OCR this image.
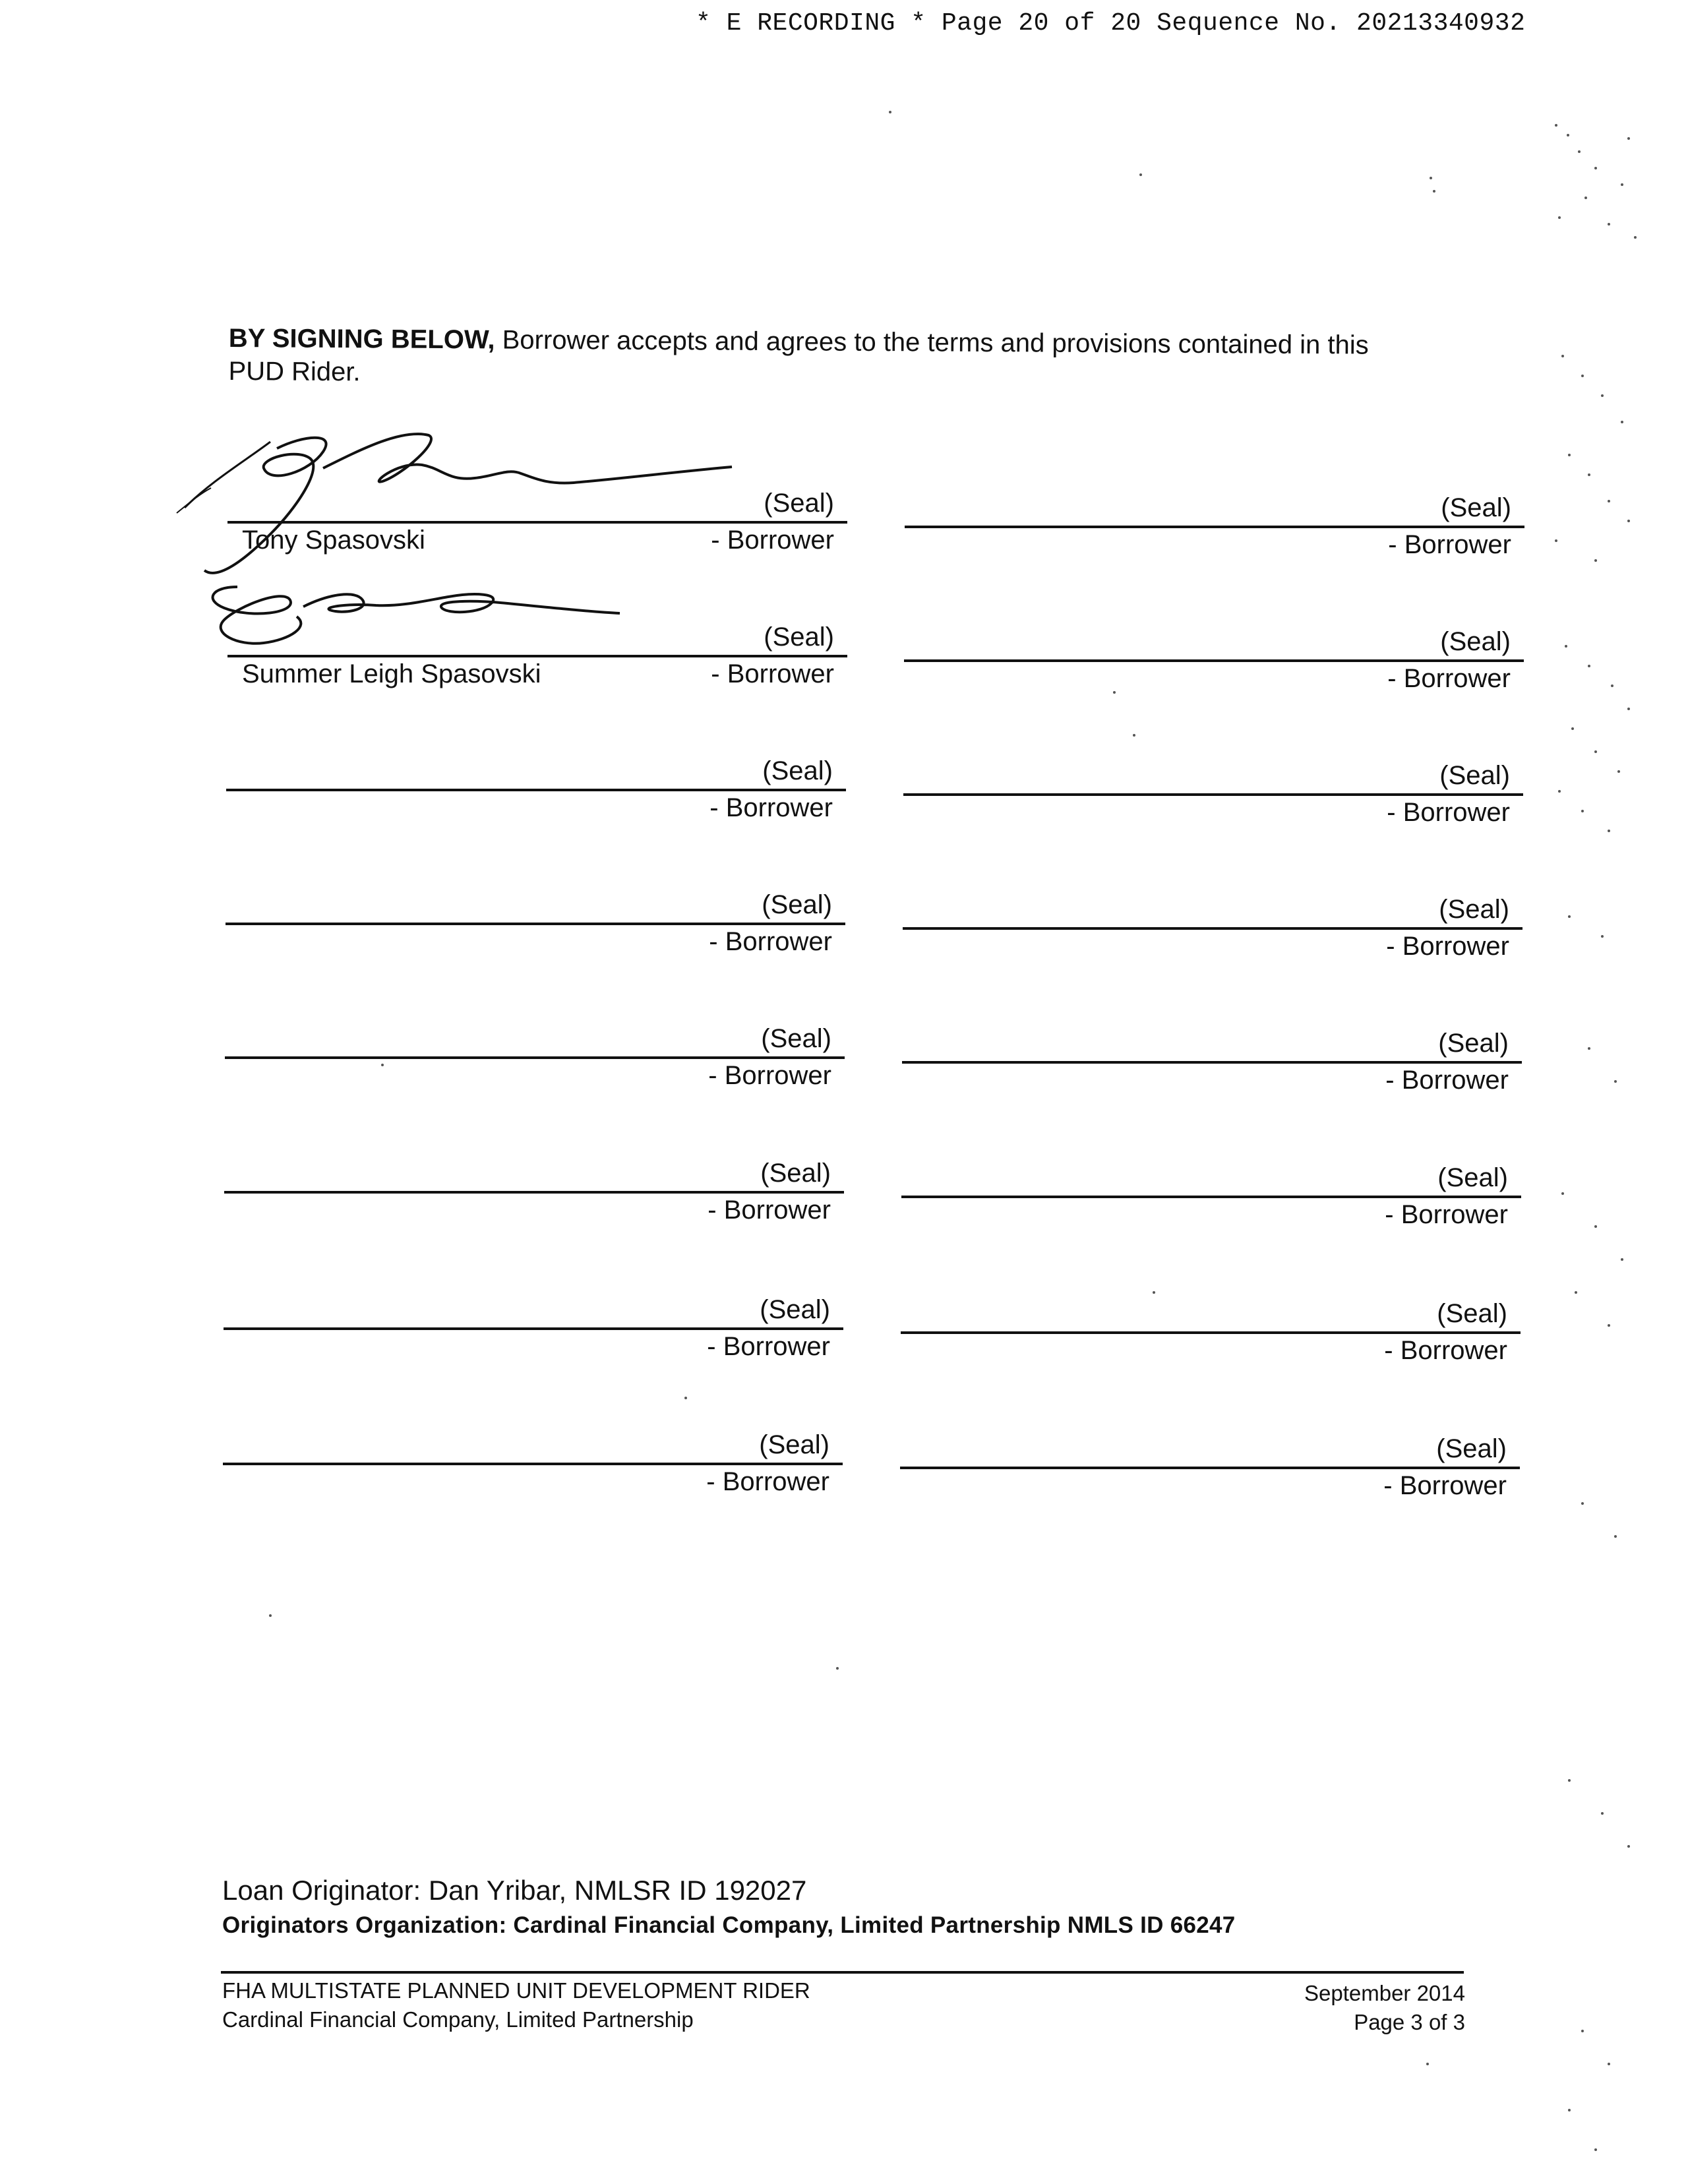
* E RECORDING * Page 20 of 20 Sequence No. 20213340932
BY SIGNING BELOW, Borrower accepts and agrees to the terms and provisions contained in this PUD Rider.
(Seal)
- Borrower
Tony Spasovski
(Seal)
- Borrower
Summer Leigh Spasovski
(Seal)
- Borrower
(Seal)
- Borrower
(Seal)
- Borrower
(Seal)
- Borrower
(Seal)
- Borrower
(Seal)
- Borrower
(Seal)
- Borrower
(Seal)
- Borrower
(Seal)
- Borrower
(Seal)
- Borrower
(Seal)
- Borrower
(Seal)
- Borrower
(Seal)
- Borrower
(Seal)
- Borrower
Loan Originator: Dan Yribar, NMLSR ID 192027
Originators Organization: Cardinal Financial Company, Limited Partnership NMLS ID 66247
FHA MULTISTATE PLANNED UNIT DEVELOPMENT RIDER
Cardinal Financial Company, Limited Partnership
September 2014
Page 3 of 3
